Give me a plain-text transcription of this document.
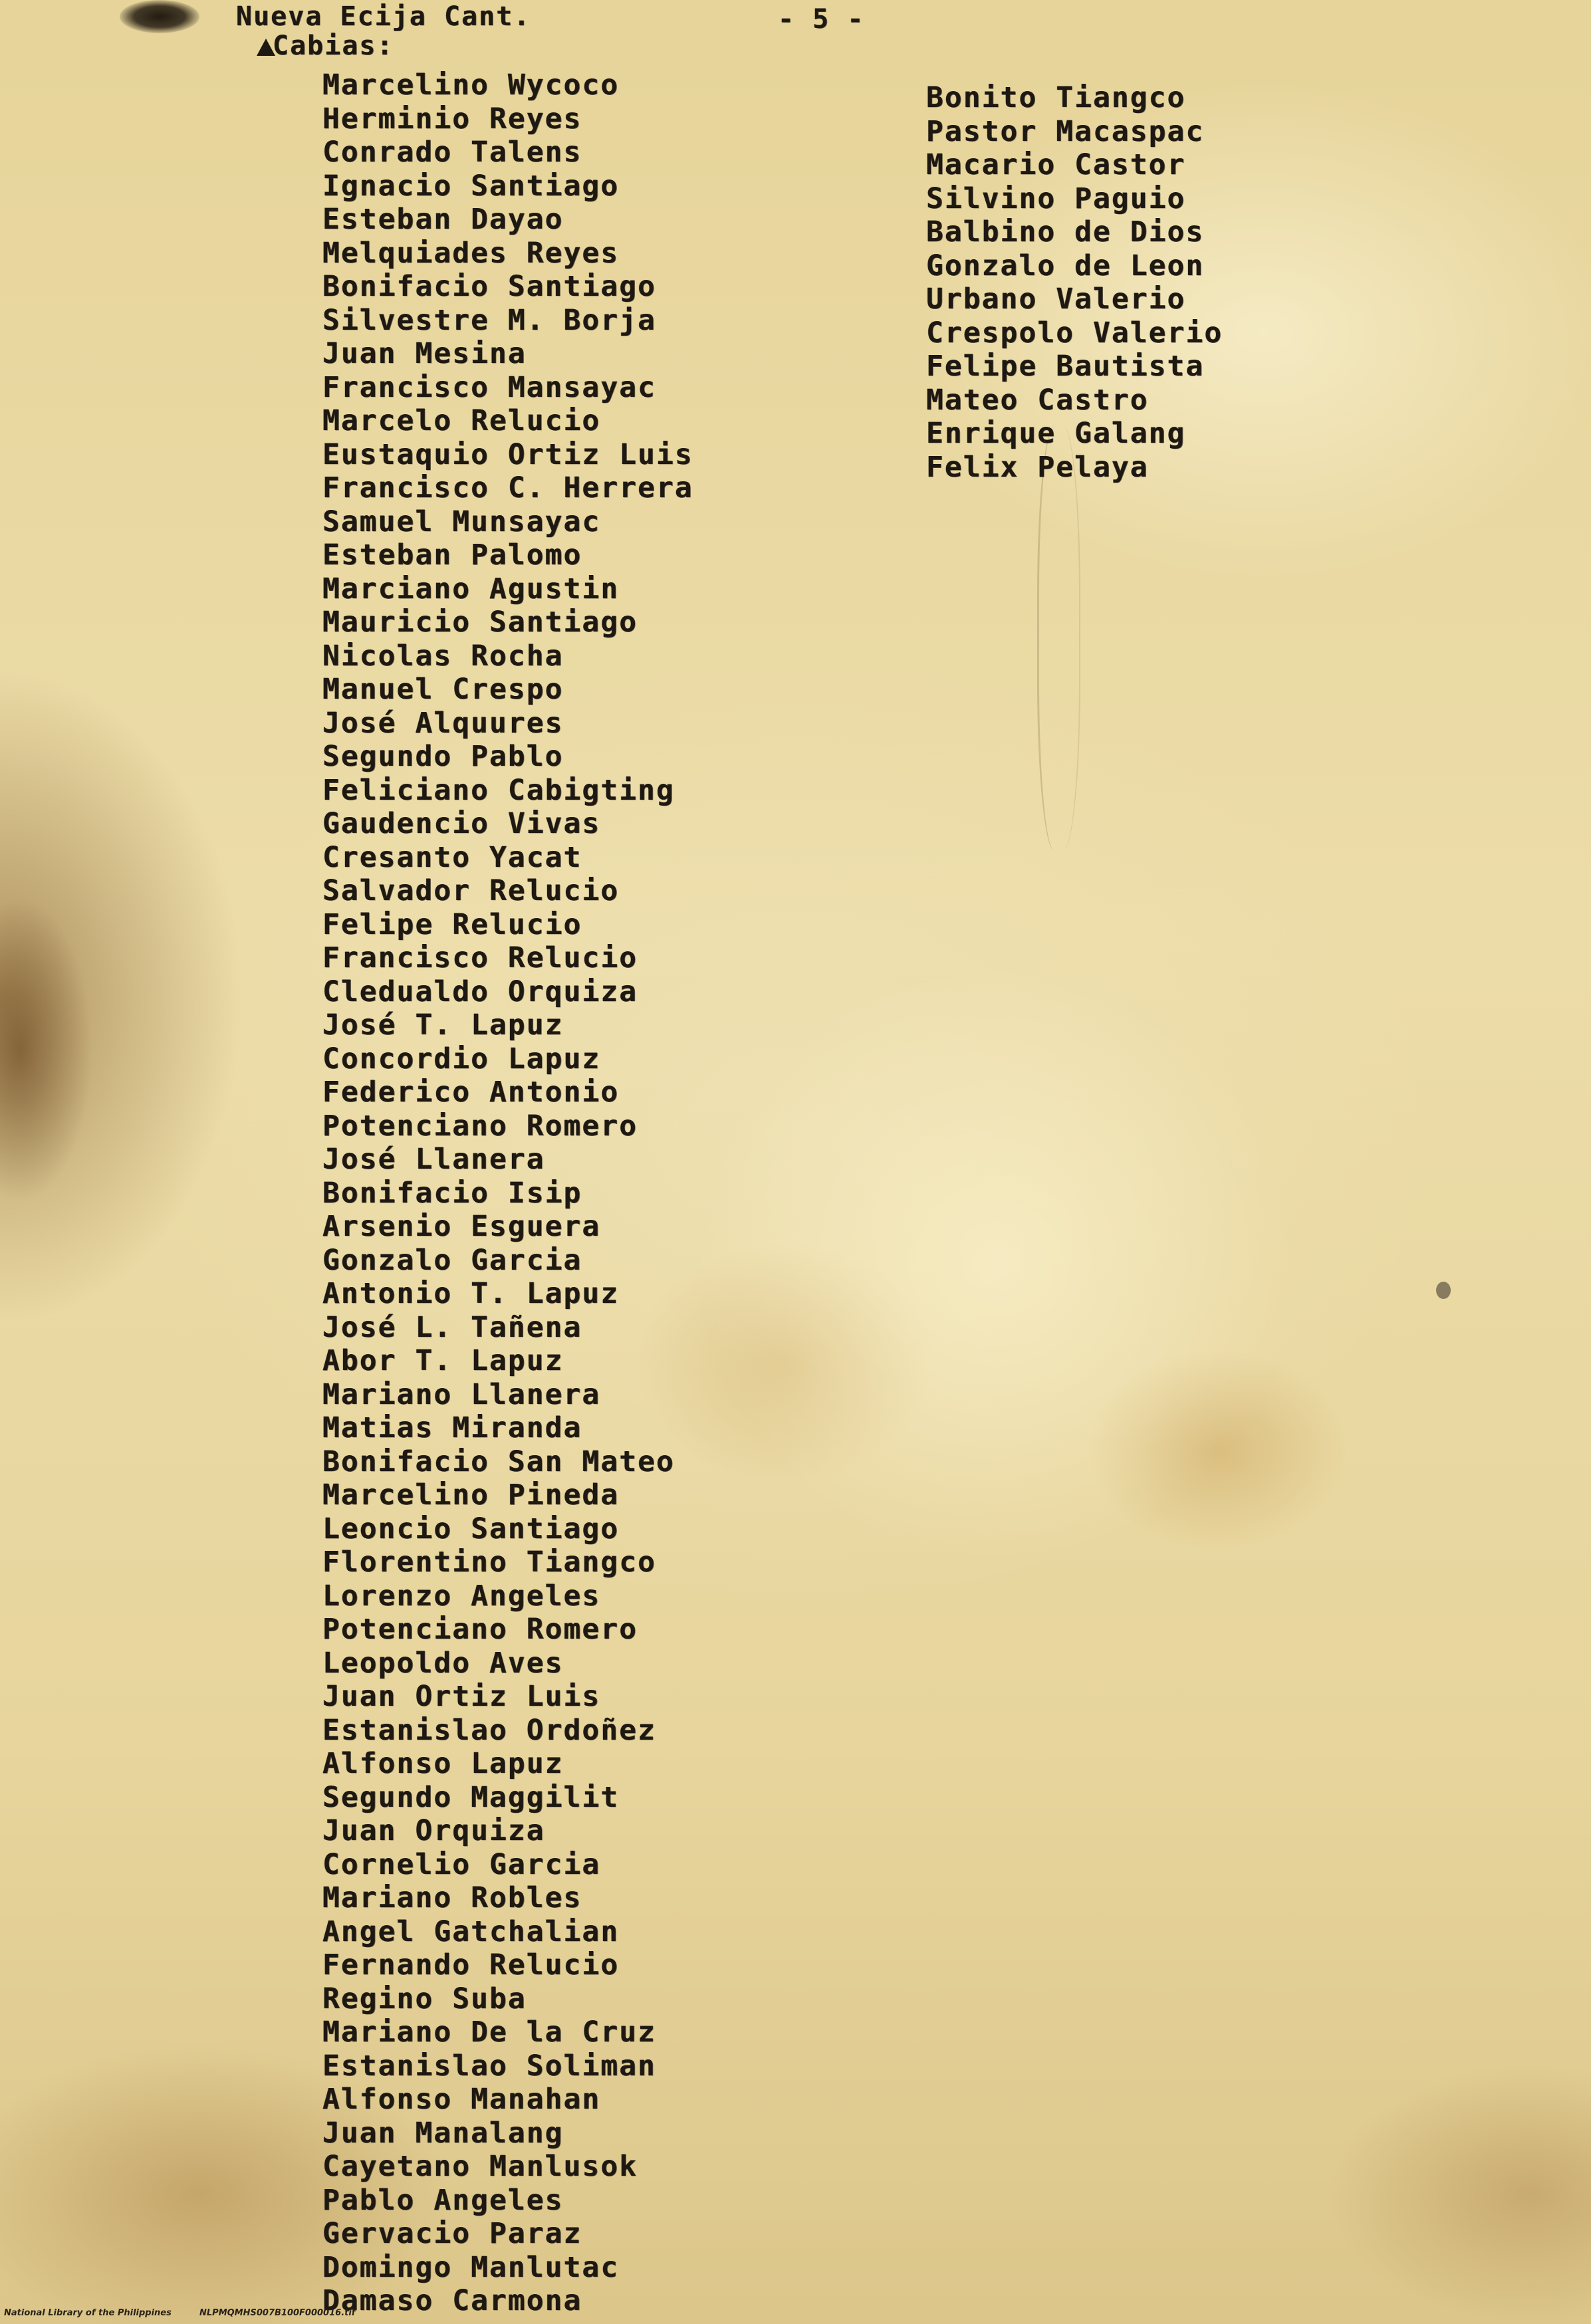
Nueva Ecija Cant.	- 5 -
Cabias:
Marcelino Wycoco
Herminio Reyes
Conrado Talens
Ignacio Santiago
Esteban Dayao
Melquiades Reyes
Bonifacio Santiago
Silvestre M. Borja
Juan Mesina
Francisco Mansayac
Marcelo Relucio
Eustaquio Ortiz Luis
Francisco C. Herrera
Samuel Munsayac
Esteban Palomo
Marciano Agustin
Mauricio Santiago
Nicolas Rocha
Manuel Crespo
José Alquures
Segundo Pablo
Feliciano Cabigting
Gaudencio Vivas
Cresanto Yacat
Salvador Relucio
Felipe Relucio
Francisco Relucio
Cledualdo Orquiza
José T. Lapuz
Concordio Lapuz
Federico Antonio
Potenciano Romero
José Llanera
Bonifacio Isip
Arsenio Esguera
Gonzalo Garcia
Antonio T. Lapuz
José L. Tañena
Abor T. Lapuz
Mariano Llanera
Matias Miranda
Bonifacio San Mateo
Marcelino Pineda
Leoncio Santiago
Florentino Tiangco
Lorenzo Angeles
Potenciano Romero
Leopoldo Aves
Juan Ortiz Luis
Estanislao Ordoñez
Alfonso Lapuz
Segundo Maggilit
Juan Orquiza
Cornelio Garcia
Mariano Robles
Angel Gatchalian
Fernando Relucio
Regino Suba
Mariano De la Cruz
Estanislao Soliman
Alfonso Manahan
Juan Manalang
Cayetano Manlusok
Pablo Angeles
Gervacio Paraz
Domingo Manlutac
Damaso Carmona
Bonito Tiangco
Pastor Macaspac
Macario Castor
Silvino Paguio
Balbino de Dios
Gonzalo de Leon
Urbano Valerio
Crespolo Valerio
Felipe Bautista
Mateo Castro
Enrique Galang
Felix Pelaya
National Library of the Philippines	NLPMQMHS007B100F000016.tif
